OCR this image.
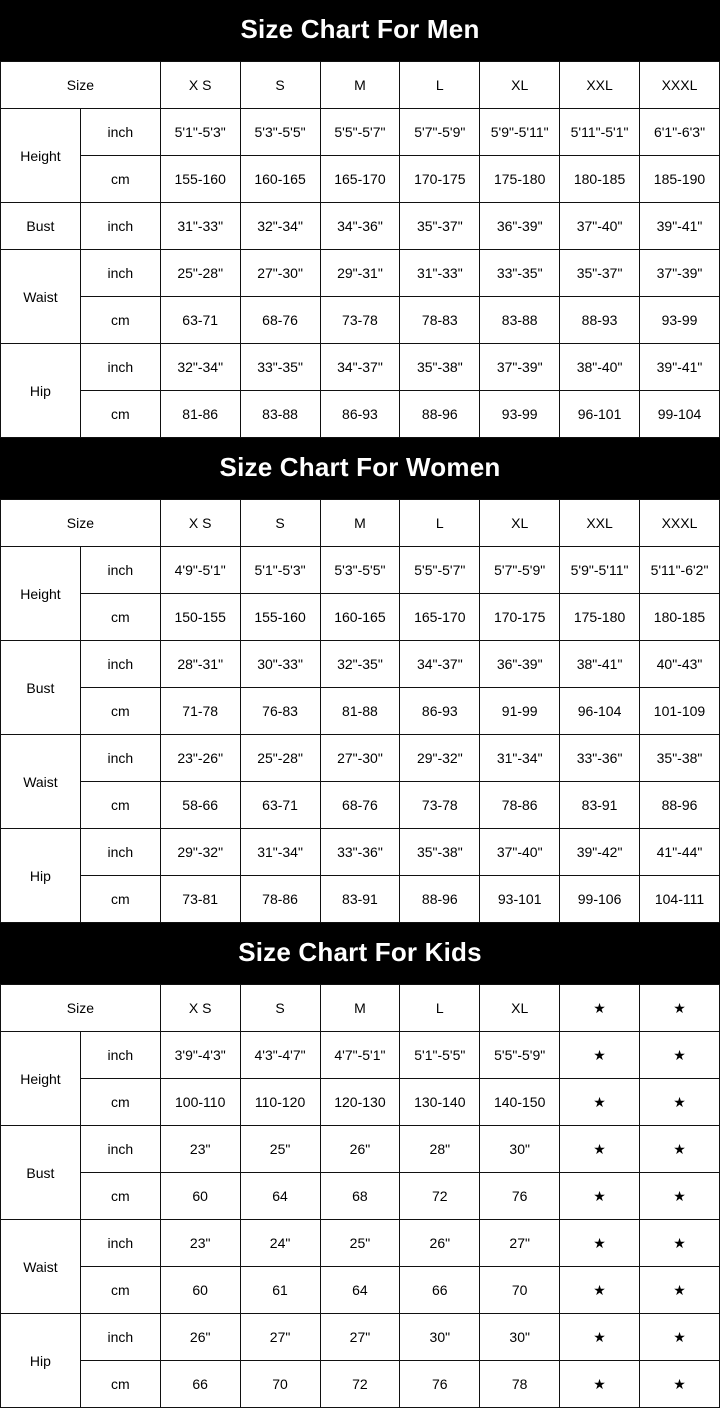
Size Chart For Men
Size		X S	S	M	L	XL	XXL	XXXL
Height	inch	5'1"-5'3"	5'3"-5'5"	5'5"-5'7"	5'7"-5'9"	5'9"-5'11"	5'11"-5'1"	6'1"-6'3"
	cm	155-160	160-165	165-170	170-175	175-180	180-185	185-190
Bust	inch	31"-33"	32"-34"	34"-36"	35"-37"	36"-39"	37"-40"	39"-41"
Waist	inch	25"-28"	27"-30"	29"-31"	31"-33"	33"-35"	35"-37"	37"-39"
	cm	63-71	68-76	73-78	78-83	83-88	88-93	93-99
Hip	inch	32"-34"	33"-35"	34"-37"	35"-38"	37"-39"	38"-40"	39"-41"
	cm	81-86	83-88	86-93	88-96	93-99	96-101	99-104
Size Chart For Women
Size		X S	S	M	L	XL	XXL	XXXL
Height	inch	4'9"-5'1"	5'1"-5'3"	5'3"-5'5"	5'5"-5'7"	5'7"-5'9"	5'9"-5'11"	5'11"-6'2"
	cm	150-155	155-160	160-165	165-170	170-175	175-180	180-185
Bust	inch	28"-31"	30"-33"	32"-35"	34"-37"	36"-39"	38"-41"	40"-43"
	cm	71-78	76-83	81-88	86-93	91-99	96-104	101-109
Waist	inch	23"-26"	25"-28"	27"-30"	29"-32"	31"-34"	33"-36"	35"-38"
	cm	58-66	63-71	68-76	73-78	78-86	83-91	88-96
Hip	inch	29"-32"	31"-34"	33"-36"	35"-38"	37"-40"	39"-42"	41"-44"
	cm	73-81	78-86	83-91	88-96	93-101	99-106	104-111
Size Chart For Kids
Size		X S	S	M	L	XL	★	★
Height	inch	3'9"-4'3"	4'3"-4'7"	4'7"-5'1"	5'1"-5'5"	5'5"-5'9"	★	★
	cm	100-110	110-120	120-130	130-140	140-150	★	★
Bust	inch	23"	25"	26"	28"	30"	★	★
	cm	60	64	68	72	76	★	★
Waist	inch	23"	24"	25"	26"	27"	★	★
	cm	60	61	64	66	70	★	★
Hip	inch	26"	27"	27"	30"	30"	★	★
	cm	66	70	72	76	78	★	★
